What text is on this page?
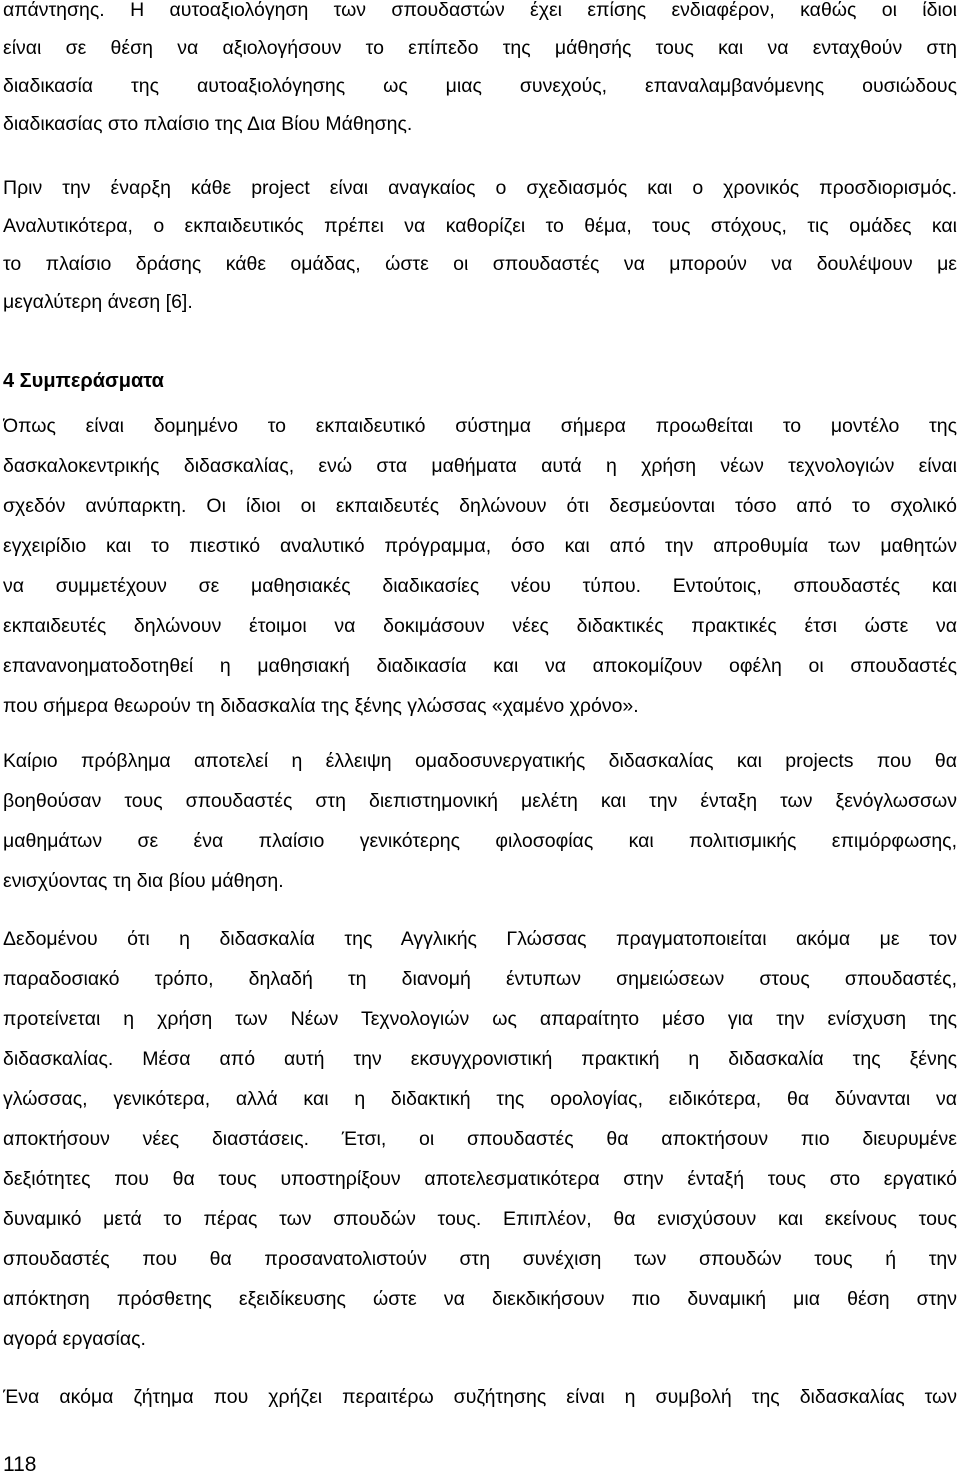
απάντησης. Η αυτοαξιολόγηση των σπουδαστών έχει επίσης ενδιαφέρον, καθώς οι ίδιοι
είναι σε θέση να αξιολογήσουν το επίπεδο της μάθησής τους και να ενταχθούν στη
διαδικασία της αυτοαξιολόγησης ως μιας συνεχούς, επαναλαμβανόμενης ουσιώδους
διαδικασίας στο πλαίσιο της Δια Βίου Μάθησης.
Πριν την έναρξη κάθε project είναι αναγκαίος ο σχεδιασμός και ο χρονικός προσδιορισμός.
Αναλυτικότερα, ο εκπαιδευτικός πρέπει να καθορίζει το θέμα, τους στόχους, τις ομάδες και
το πλαίσιο δράσης κάθε ομάδας, ώστε οι σπουδαστές να μπορούν να δουλέψουν με
μεγαλύτερη άνεση [6].
4 Συμπεράσματα
Όπως είναι δομημένο το εκπαιδευτικό σύστημα σήμερα προωθείται το μοντέλο της
δασκαλοκεντρικής διδασκαλίας, ενώ στα μαθήματα αυτά η χρήση νέων τεχνολογιών είναι
σχεδόν ανύπαρκτη. Οι ίδιοι οι εκπαιδευτές δηλώνουν ότι δεσμεύονται τόσο από το σχολικό
εγχειρίδιο και το πιεστικό αναλυτικό πρόγραμμα, όσο και από την απροθυμία των μαθητών
να συμμετέχουν σε μαθησιακές διαδικασίες νέου τύπου. Εντούτοις, σπουδαστές και
εκπαιδευτές δηλώνουν έτοιμοι να δοκιμάσουν νέες διδακτικές πρακτικές έτσι ώστε να
επανανοηματοδοτηθεί η μαθησιακή διαδικασία και να αποκομίζουν οφέλη οι σπουδαστές
που σήμερα θεωρούν τη διδασκαλία της ξένης γλώσσας «χαμένο χρόνο».
Καίριο πρόβλημα αποτελεί η έλλειψη ομαδοσυνεργατικής διδασκαλίας και projects που θα
βοηθούσαν τους σπουδαστές στη διεπιστημονική μελέτη και την ένταξη των ξενόγλωσσων
μαθημάτων σε ένα πλαίσιο γενικότερης φιλοσοφίας και πολιτισμικής επιμόρφωσης,
ενισχύοντας τη δια βίου μάθηση.
Δεδομένου ότι η διδασκαλία της Αγγλικής Γλώσσας πραγματοποιείται ακόμα με τον
παραδοσιακό τρόπο, δηλαδή τη διανομή έντυπων σημειώσεων στους σπουδαστές,
προτείνεται η χρήση των Νέων Τεχνολογιών ως απαραίτητο μέσο για την ενίσχυση της
διδασκαλίας. Μέσα από αυτή την εκσυγχρονιστική πρακτική η διδασκαλία της ξένης
γλώσσας, γενικότερα, αλλά και η διδακτική της ορολογίας, ειδικότερα, θα δύνανται να
αποκτήσουν νέες διαστάσεις. Έτσι, οι σπουδαστές θα αποκτήσουν πιο διευρυμένε
δεξιότητες που θα τους υποστηρίξουν αποτελεσματικότερα στην ένταξή τους στο εργατικό
δυναμικό μετά το πέρας των σπουδών τους. Επιπλέον, θα ενισχύσουν και εκείνους τους
σπουδαστές που θα προσανατολιστούν στη συνέχιση των σπουδών τους ή την
απόκτηση πρόσθετης εξειδίκευσης ώστε να διεκδικήσουν πιο δυναμική μια θέση στην
αγορά εργασίας.
Ένα ακόμα ζήτημα που χρήζει περαιτέρω συζήτησης είναι η συμβολή της διδασκαλίας των
118
